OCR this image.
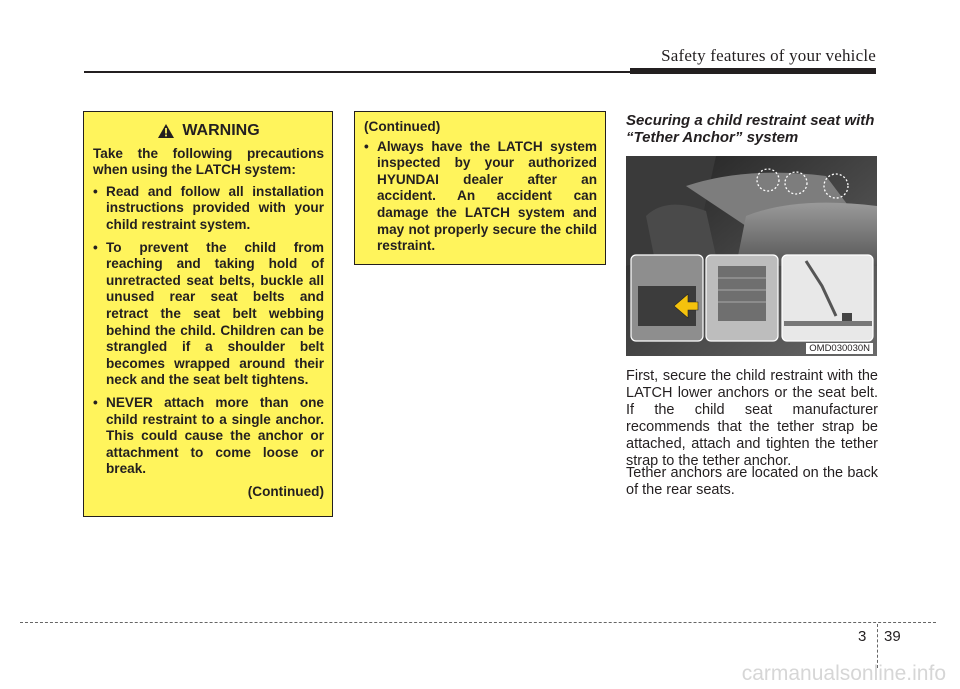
Safety features of your vehicle
WARNING
Take the following precautions when using the LATCH system:
• Read and follow all installation instructions provided with your child restraint system.
• To prevent the child from reaching and taking hold of unretracted seat belts, buckle all unused rear seat belts and retract the seat belt webbing behind the child. Children can be strangled if a shoulder belt becomes wrapped around their neck and the seat belt tightens.
• NEVER attach more than one child restraint to a single anchor. This could cause the anchor or attachment to come loose or break.
(Continued)
(Continued)
• Always have the LATCH system inspected by your authorized HYUNDAI dealer after an accident. An accident can damage the LATCH system and may not properly secure the child restraint.
Securing a child restraint seat with “Tether Anchor” system
OMD030030N
First, secure the child restraint with the LATCH lower anchors or the seat belt. If the child seat manufacturer recommends that the tether strap be attached, attach and tighten the tether strap to the tether anchor.
Tether anchors are located on the back of the rear seats.
3 39
carmanualsonline.info
